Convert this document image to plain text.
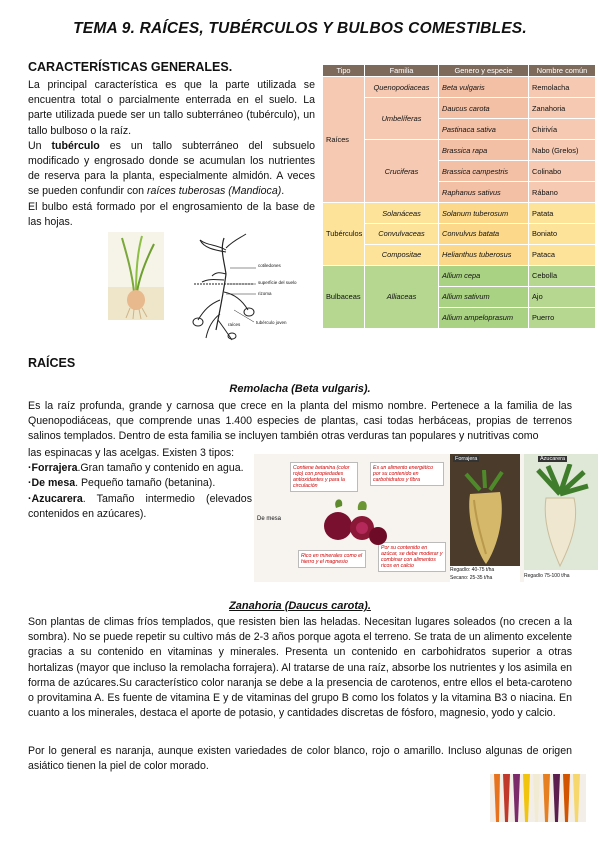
TEMA 9. RAÍCES, TUBÉRCULOS Y BULBOS COMESTIBLES.
CARACTERÍSTICAS GENERALES.
La principal característica es que la parte utilizada se encuentra total o parcialmente enterrada en el suelo. La parte utilizada puede ser un tallo subterráneo (tubérculo), un tallo bulboso o la raíz.
Un tubérculo es un tallo subterráneo del subsuelo modificado y engrosado donde se acumulan los nutrientes de reserva para la planta, especialmente almidón. A veces se pueden confundir con raíces tuberosas (Mandioca).
El bulbo está formado por el engrosamiento de la base de las hojas.
cotiledones
superficie del suelo
rizoma
raíces	tubérculo joven
Tipo	Familia	Genero y especie	Nombre común
Raíces	Quenopodiaceas	Beta vulgaris	Remolacha
	Umbelíferas	Daucus carota	Zanahoria
		Pastinaca sativa	Chirivía
	Cruciferas	Brassica rapa	Nabo (Grelos)
		Brassica campestris	Colinabo
		Raphanus sativus	Rábano
Tubérculos	Solanáceas	Solanum tuberosum	Patata
	Convulvaceas	Convulvus batata	Boniato
	Compositae	Helianthus tuberosus	Pataca
Bulbaceas	Alliaceas	Allium cepa	Cebolla
		Allium sativum	Ajo
		Allium ampeloprasum	Puerro
RAÍCES
Remolacha (Beta vulgaris).
Es la raíz profunda, grande y carnosa que crece en la planta del mismo nombre. Pertenece a la familia de las Quenopodiáceas, que comprende unas 1.400 especies de plantas, casi todas herbáceas, propias de terrenos salinos templados. Dentro de esta familia se incluyen también otras verduras tan populares y nutritivas como
las espinacas y las acelgas. Existen 3 tipos:
·Forrajera.Gran tamaño y contenido en agua.
·De mesa. Pequeño tamaño (betanina).
·Azucarera. Tamaño intermedio (elevados contenidos en azúcares).	De mesa
Contiene betanina (color rojo) con propiedades antioxidantes y para la circulación
Es un alimento energético por su contenido en carbohidratos y fibra
Rico en minerales como el hierro y el magnesio
Por su contenido en azúcar, se debe moderar y combinar con alimentos ricos en calcio
Forrajera
Regadío: 40-75 t/ha
Secano: 25-35 t/ha
Azucarera
Regadío 75-100 t/ha
Zanahoria (Daucus carota).
Son plantas de climas fríos templados, que resisten bien las heladas. Necesitan lugares soleados (no crecen a la sombra). No se puede repetir su cultivo más de 2-3 años porque agota el terreno. Se trata de un alimento excelente gracias a su contenido en vitaminas y minerales. Presenta un contenido en carbohidratos superior a otras hortalizas (mayor que incluso la remolacha forrajera). Al tratarse de una raíz, absorbe los nutrientes y los asimila en forma de azúcares.Su característico color naranja se debe a la presencia de carotenos, entre ellos el beta-caroteno o provitamina A. Es fuente de vitamina E y de vitaminas del grupo B como los folatos y la vitamina B3 o niacina. En cuanto a los minerales, destaca el aporte de potasio, y cantidades discretas de fósforo, magnesio, yodo y calcio.
Por lo general es naranja, aunque existen variedades de color blanco, rojo o amarillo. Incluso algunas de origen asiático tienen la piel de color morado.
